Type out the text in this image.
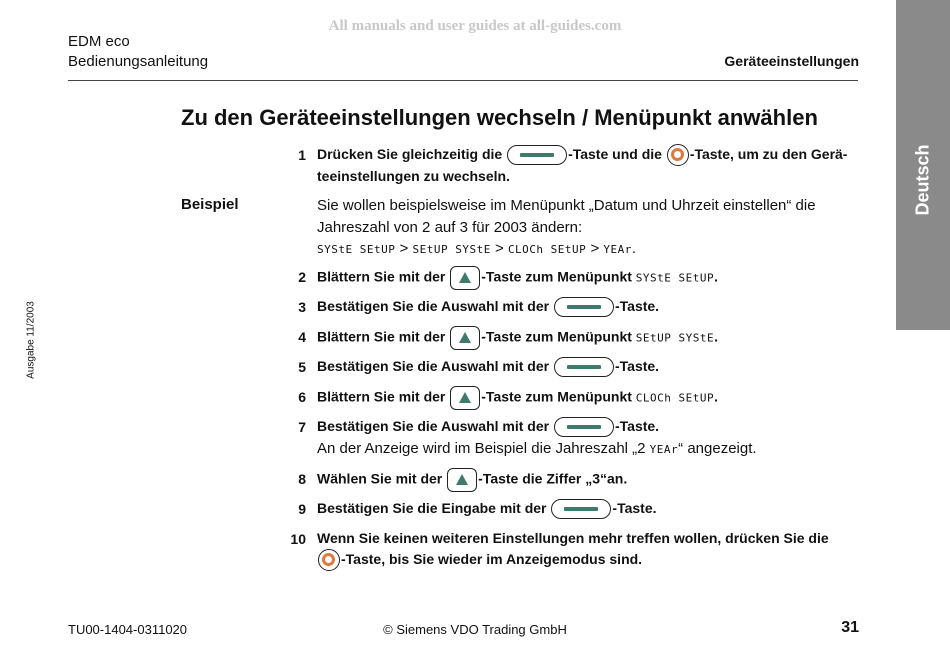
All manuals and user guides at all-guides.com
EDM eco
Bedienungsanleitung	Geräteeinstellungen
Deutsch
Ausgabe 11/2003
Zu den Geräteeinstellungen wechseln / Menüpunkt anwählen
1 Drücken Sie gleichzeitig die	-Taste und die -Taste, um zu den Gerä-teeinstellungen zu wechseln.
Beispiel	Sie wollen beispielsweise im Menüpunkt „Datum und Uhrzeit einstellen“ die Jahreszahl von 2 auf 3 für 2003 ändern:
SYStE SEtUP > SEtUP SYStE > CLOCh SEtUP > YEAr.
2 Blättern Sie mit der -Taste zum Menüpunkt SYStE SEtUP.
3 Bestätigen Sie die Auswahl mit der	-Taste.
4 Blättern Sie mit der -Taste zum Menüpunkt SEtUP SYStE.
5 Bestätigen Sie die Auswahl mit der	-Taste.
6 Blättern Sie mit der -Taste zum Menüpunkt CLOCh SEtUP.
7 Bestätigen Sie die Auswahl mit der	-Taste.
An der Anzeige wird im Beispiel die Jahreszahl „2 YEAr“ angezeigt.
8 Wählen Sie mit der -Taste die Ziffer „3“an.
9 Bestätigen Sie die Eingabe mit der	-Taste.
10 Wenn Sie keinen weiteren Einstellungen mehr treffen wollen, drücken Sie die
-Taste, bis Sie wieder im Anzeigemodus sind.
TU00-1404-0311020	© Siemens VDO Trading GmbH	31
